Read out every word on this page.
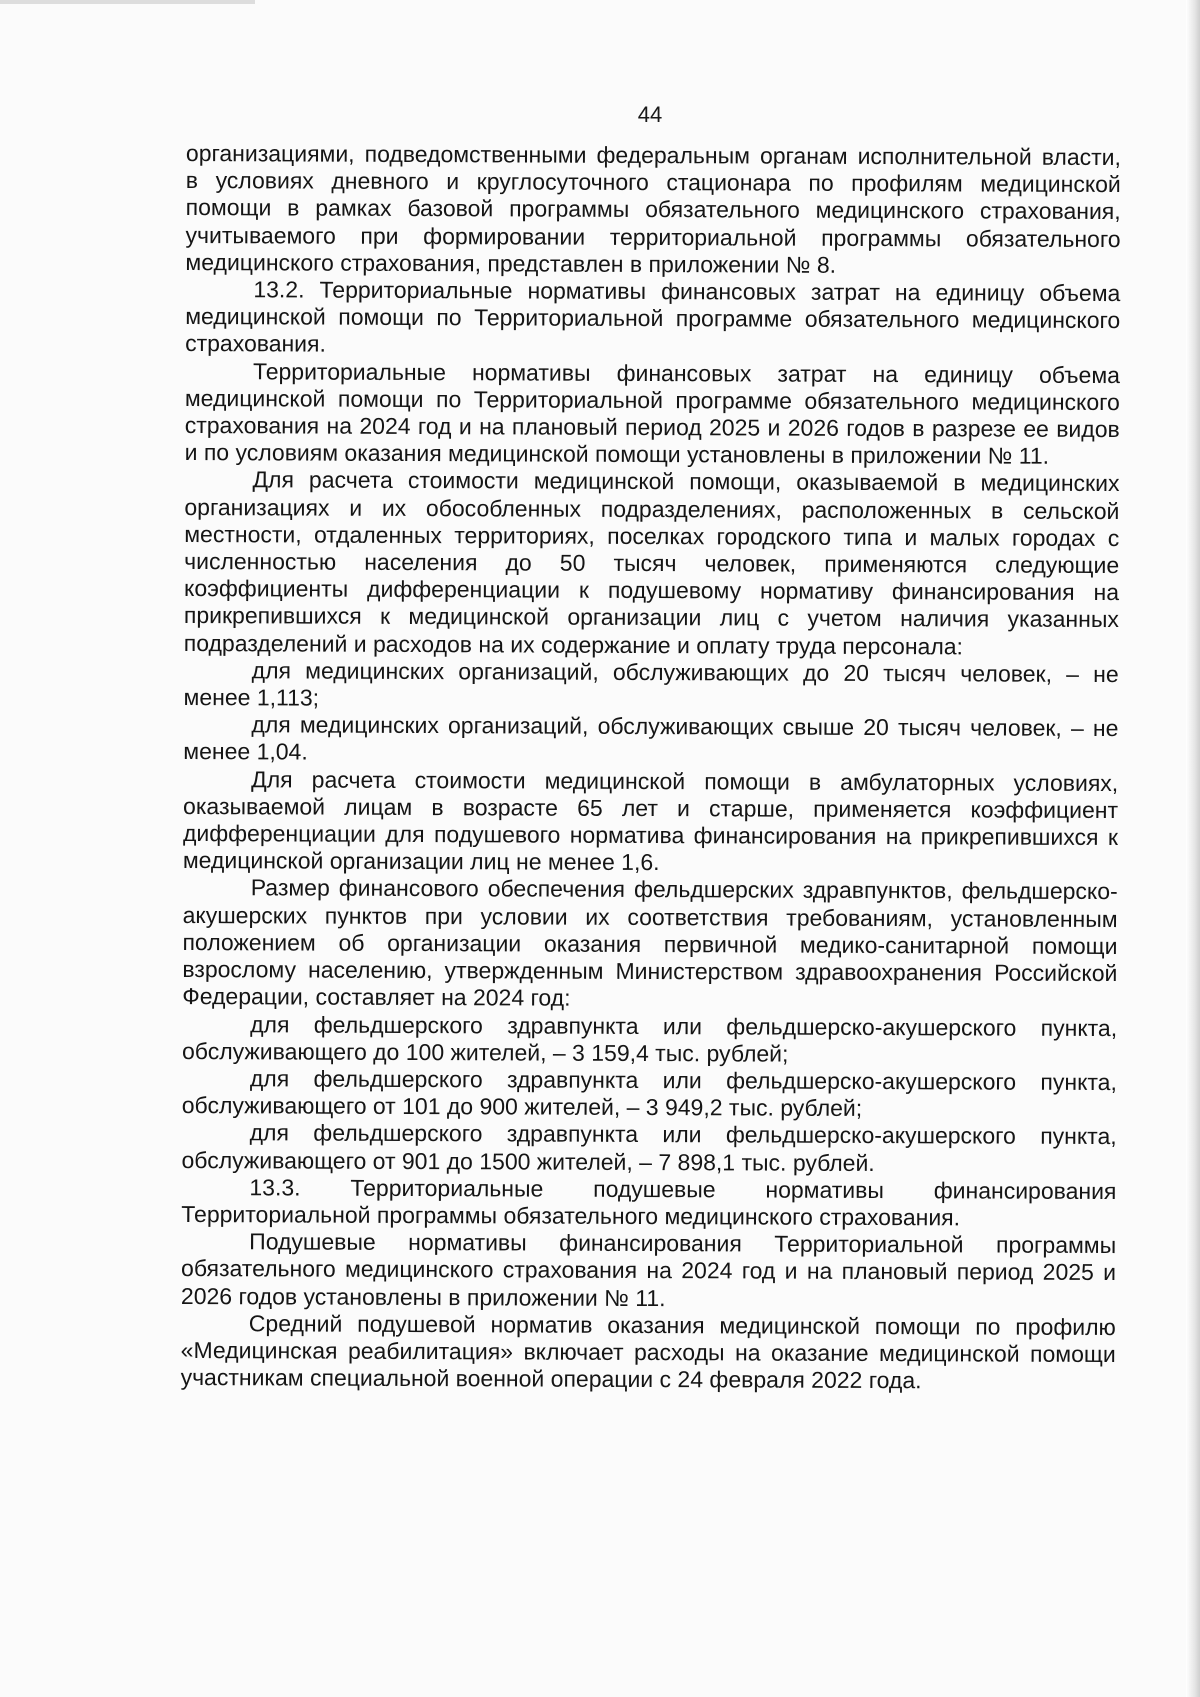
44

организациями, подведомственными федеральным органам исполнительной власти, в условиях дневного и круглосуточного стационара по профилям медицинской помощи в рамках базовой программы обязательного медицинского страхования, учитываемого при формировании территориальной программы обязательного медицинского страхования, представлен в приложении № 8.

13.2. Территориальные нормативы финансовых затрат на единицу объема медицинской помощи по Территориальной программе обязательного медицинского страхования.

Территориальные нормативы финансовых затрат на единицу объема медицинской помощи по Территориальной программе обязательного медицинского страхования на 2024 год и на плановый период 2025 и 2026 годов в разрезе ее видов и по условиям оказания медицинской помощи установлены в приложении № 11.

Для расчета стоимости медицинской помощи, оказываемой в медицинских организациях и их обособленных подразделениях, расположенных в сельской местности, отдаленных территориях, поселках городского типа и малых городах с численностью населения до 50 тысяч человек, применяются следующие коэффициенты дифференциации к подушевому нормативу финансирования на прикрепившихся к медицинской организации лиц с учетом наличия указанных подразделений и расходов на их содержание и оплату труда персонала:

для медицинских организаций, обслуживающих до 20 тысяч человек, – не менее 1,113;

для медицинских организаций, обслуживающих свыше 20 тысяч человек, – не менее 1,04.

Для расчета стоимости медицинской помощи в амбулаторных условиях, оказываемой лицам в возрасте 65 лет и старше, применяется коэффициент дифференциации для подушевого норматива финансирования на прикрепившихся к медицинской организации лиц не менее 1,6.

Размер финансового обеспечения фельдшерских здравпунктов, фельдшерско-акушерских пунктов при условии их соответствия требованиям, установленным положением об организации оказания первичной медико-санитарной помощи взрослому населению, утвержденным Министерством здравоохранения Российской Федерации, составляет на 2024 год:

для фельдшерского здравпункта или фельдшерско-акушерского пункта, обслуживающего до 100 жителей, – 3 159,4 тыс. рублей;

для фельдшерского здравпункта или фельдшерско-акушерского пункта, обслуживающего от 101 до 900 жителей, – 3 949,2 тыс. рублей;

для фельдшерского здравпункта или фельдшерско-акушерского пункта, обслуживающего от 901 до 1500 жителей, – 7 898,1 тыс. рублей.

13.3. Территориальные подушевые нормативы финансирования Территориальной программы обязательного медицинского страхования.

Подушевые нормативы финансирования Территориальной программы обязательного медицинского страхования на 2024 год и на плановый период 2025 и 2026 годов установлены в приложении № 11.

Средний подушевой норматив оказания медицинской помощи по профилю «Медицинская реабилитация» включает расходы на оказание медицинской помощи участникам специальной военной операции с 24 февраля 2022 года.
